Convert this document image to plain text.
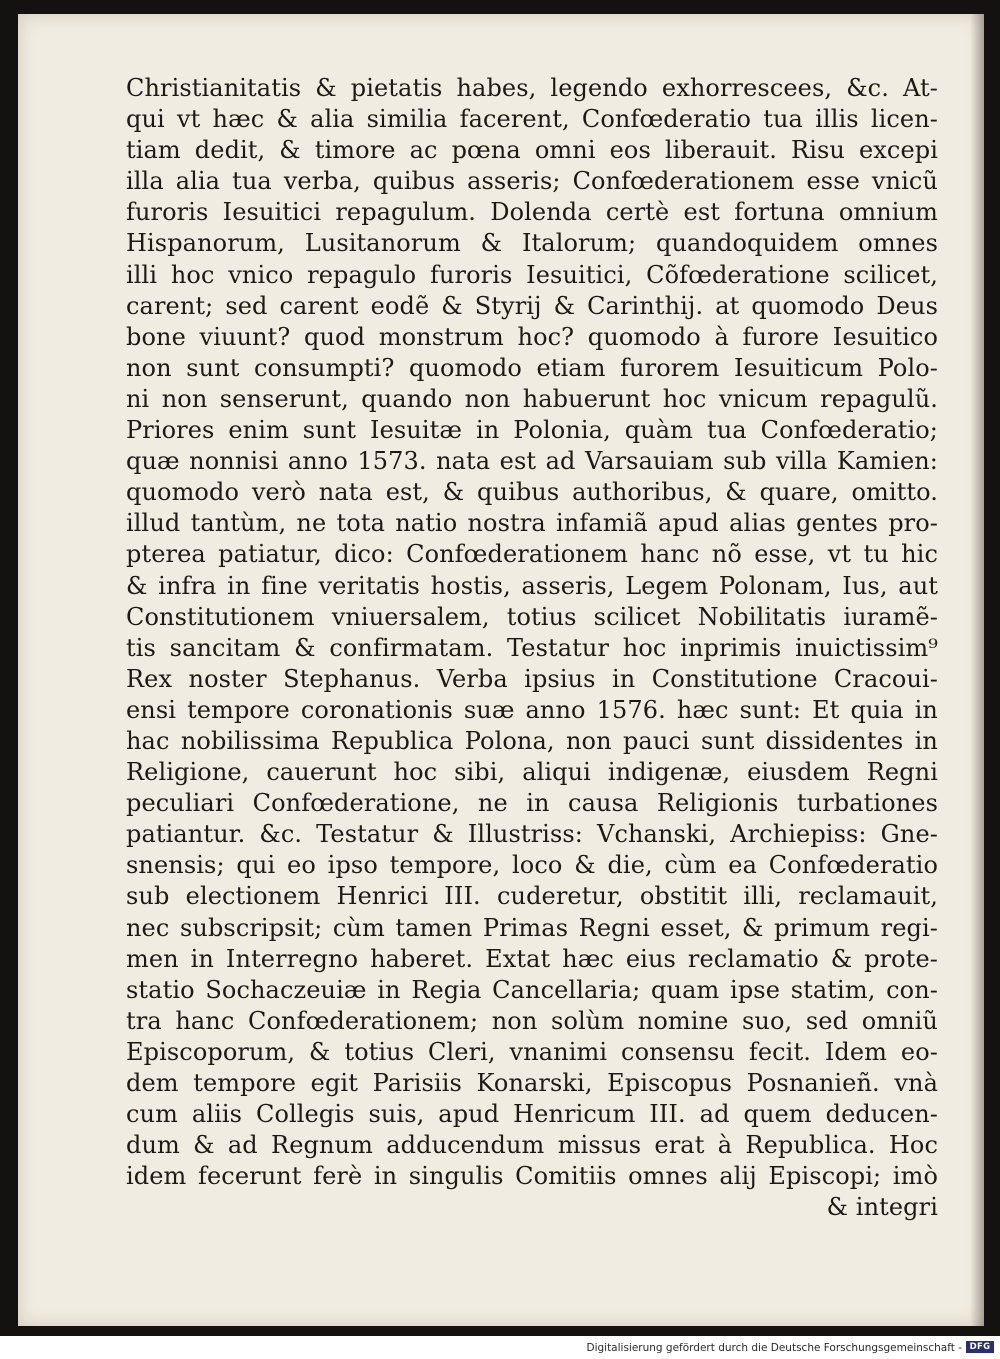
Christianitatis & pietatis habes, legendo exhorrescees, &c. At-
qui vt hæc & alia similia facerent, Confœderatio tua illis licen-
tiam dedit, & timore ac pœna omni eos liberauit. Risu excepi
illa alia tua verba, quibus asseris; Confœderationem esse vnicũ
furoris Iesuitici repagulum. Dolenda certè est fortuna omnium
Hispanorum, Lusitanorum & Italorum; quandoquidem omnes
illi hoc vnico repagulo furoris Iesuitici, Cõfœderatione scilicet,
carent; sed carent eodẽ & Styrij & Carinthij. at quomodo Deus
bone viuunt? quod monstrum hoc? quomodo à furore Iesuitico
non sunt consumpti? quomodo etiam furorem Iesuiticum Polo-
ni non senserunt, quando non habuerunt hoc vnicum repagulũ.
Priores enim sunt Iesuitæ in Polonia, quàm tua Confœderatio;
quæ nonnisi anno 1573. nata est ad Varsauiam sub villa Kamien:
quomodo verò nata est, & quibus authoribus, & quare, omitto.
illud tantùm, ne tota natio nostra infamiã apud alias gentes pro-
pterea patiatur, dico: Confœderationem hanc nõ esse, vt tu hic
& infra in fine veritatis hostis, asseris, Legem Polonam, Ius, aut
Constitutionem vniuersalem, totius scilicet Nobilitatis iuramẽ-
tis sancitam & confirmatam. Testatur hoc inprimis inuictissim⁹
Rex noster Stephanus. Verba ipsius in Constitutione Cracoui-
ensi tempore coronationis suæ anno 1576. hæc sunt: Et quia in
hac nobilissima Republica Polona, non pauci sunt dissidentes in
Religione, cauerunt hoc sibi, aliqui indigenæ, eiusdem Regni
peculiari Confœderatione, ne in causa Religionis turbationes
patiantur. &c. Testatur & Illustriss: Vchanski, Archiepiss: Gne-
snensis; qui eo ipso tempore, loco & die, cùm ea Confœderatio
sub electionem Henrici III. cuderetur, obstitit illi, reclamauit,
nec subscripsit; cùm tamen Primas Regni esset, & primum regi-
men in Interregno haberet. Extat hæc eius reclamatio & prote-
statio Sochaczeuiæ in Regia Cancellaria; quam ipse statim, con-
tra hanc Confœderationem; non solùm nomine suo, sed omniũ
Episcoporum, & totius Cleri, vnanimi consensu fecit. Idem eo-
dem tempore egit Parisiis Konarski, Episcopus Posnanieñ. vnà
cum aliis Collegis suis, apud Henricum III. ad quem deducen-
dum & ad Regnum adducendum missus erat à Republica. Hoc
idem fecerunt ferè in singulis Comitiis omnes alij Episcopi; imò
& integri
Digitalisierung gefördert durch die Deutsche Forschungsgemeinschaft - DFG
